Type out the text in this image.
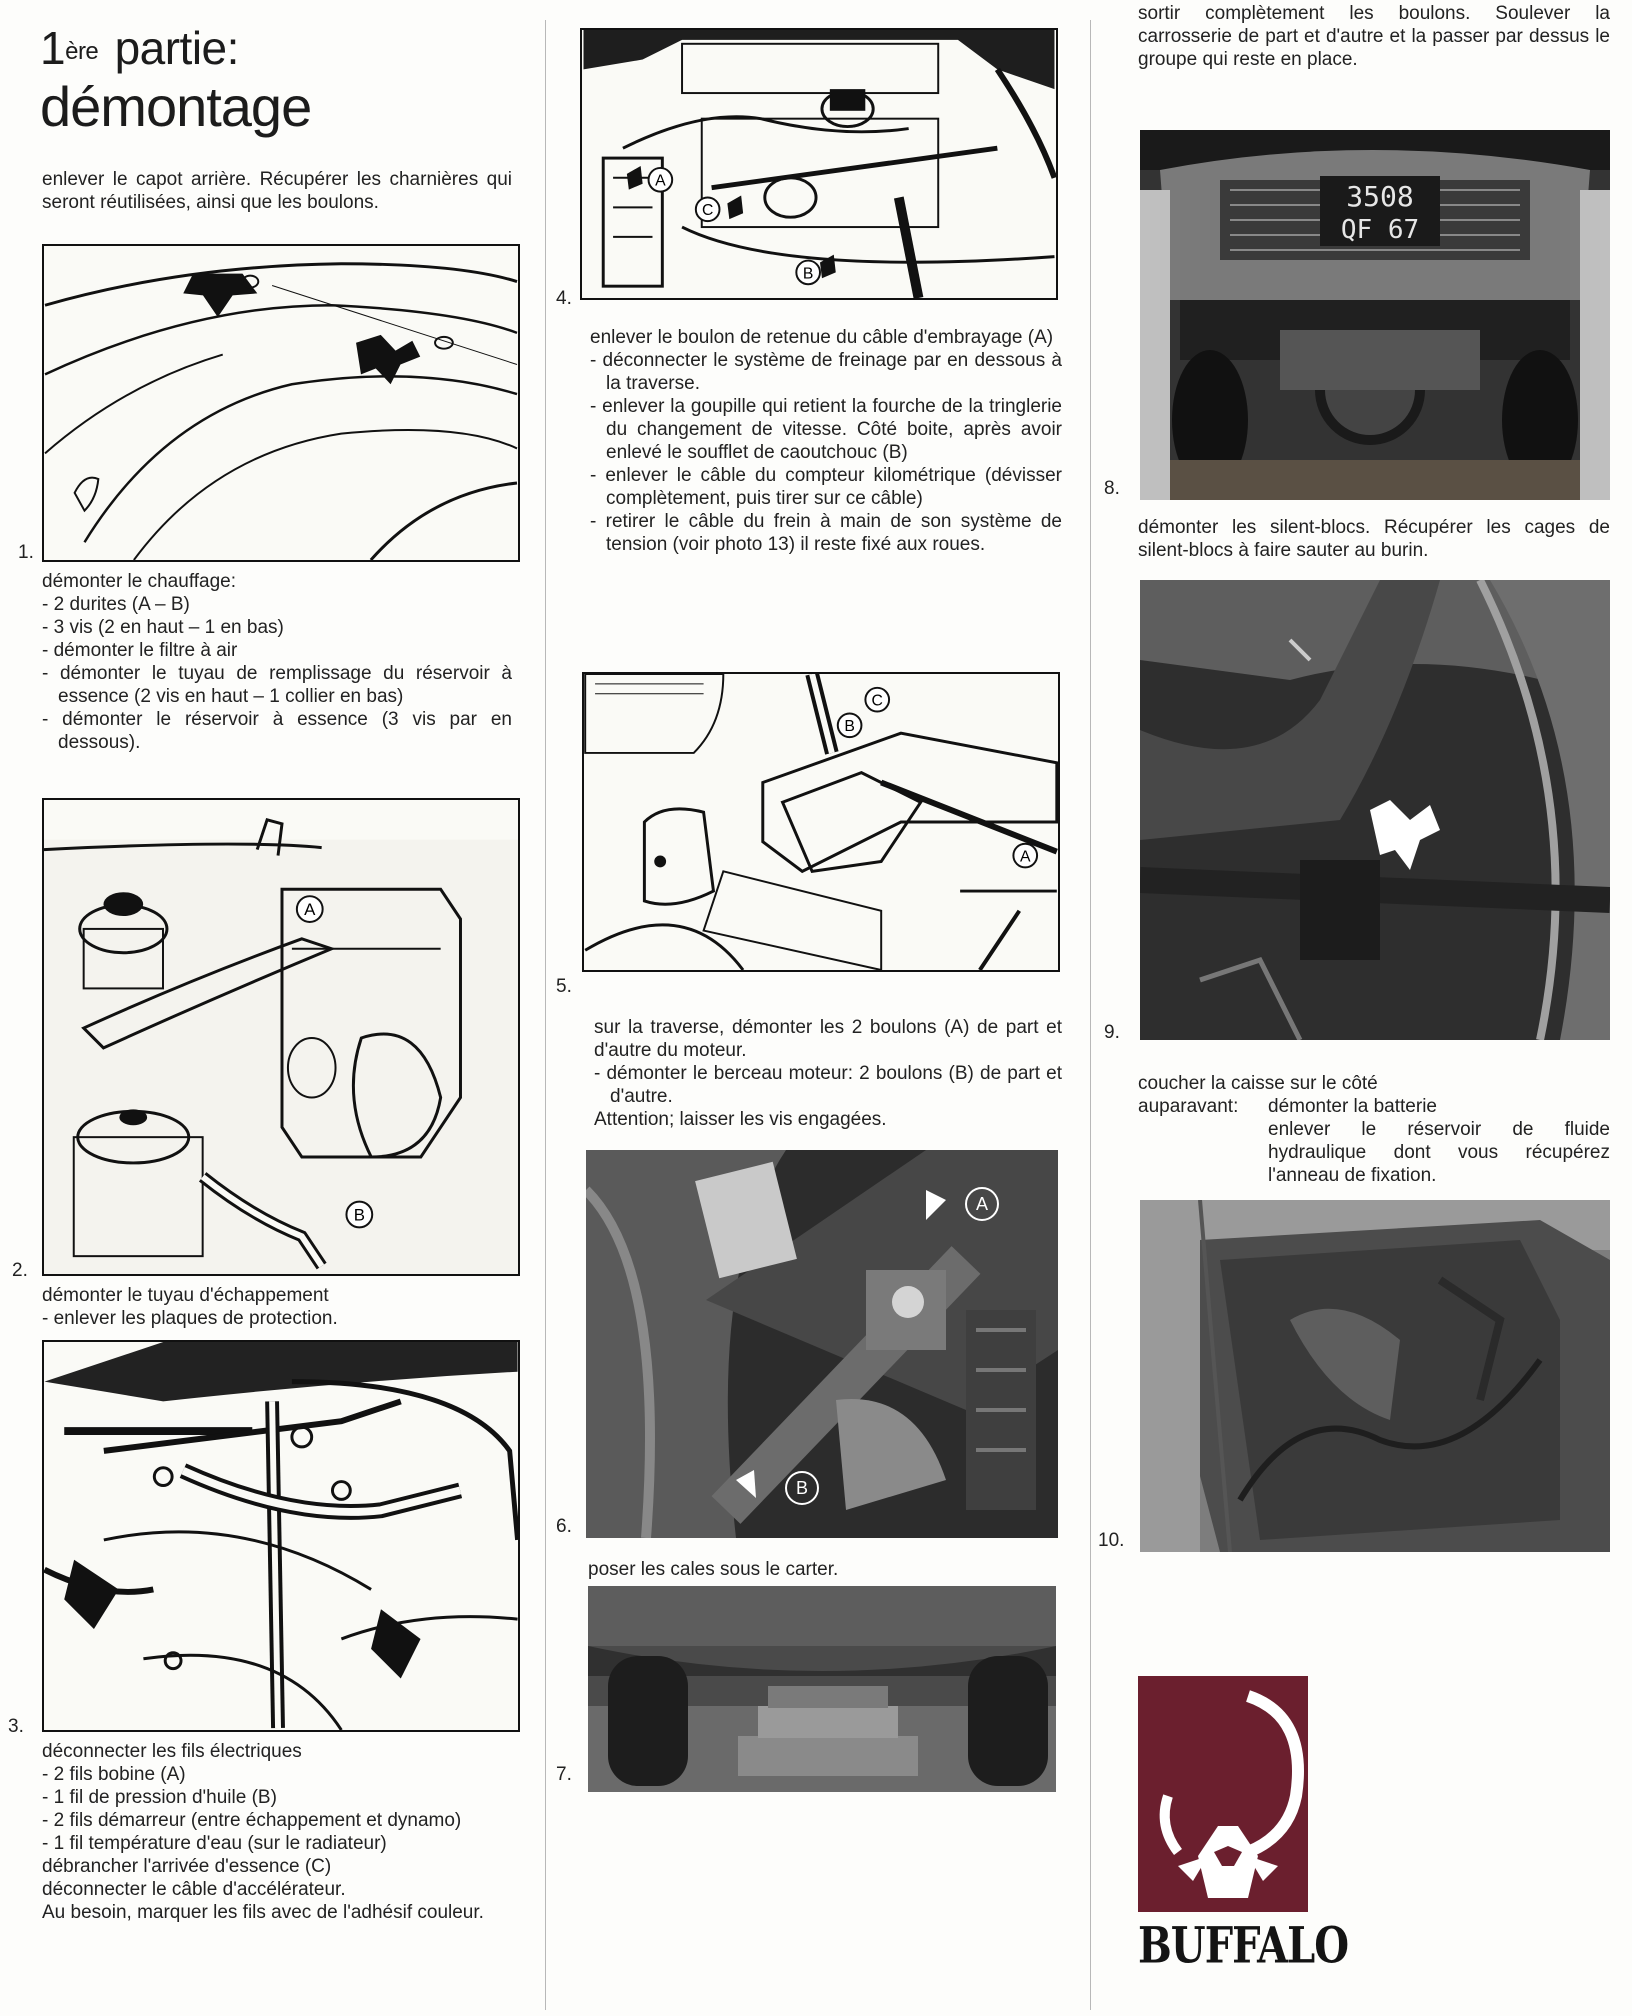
1ère partie:
démontage

enlever le capot arrière. Récupérer les charnières qui seront réutilisées, ainsi que les boulons.

1.

démonter le chauffage:

- 2 durites (A – B)

- 3 vis (2 en haut – 1 en bas)

- démonter le filtre à air

- démonter le tuyau de remplissage du réservoir à essence (2 vis en haut – 1 collier en bas)

- démonter le réservoir à essence (3 vis par en dessous).

A
B
2.

démonter le tuyau d'échappement

- enlever les plaques de protection.

3.

déconnecter les fils électriques

- 2 fils bobine (A)

- 1 fil de pression d'huile (B)

- 2 fils démarreur (entre échappement et dynamo)

- 1 fil température d'eau (sur le radiateur)

débrancher l'arrivée d'essence (C)

déconnecter le câble d'accélérateur.

Au besoin, marquer les fils avec de l'adhésif couleur.

A
C
B
4.

enlever le boulon de retenue du câble d'embrayage (A)

- déconnecter le système de freinage par en dessous à la traverse.

- enlever la goupille qui retient la fourche de la tringlerie du changement de vitesse. Côté boite, après avoir enlevé le soufflet de caoutchouc (B)

- enlever le câble du compteur kilométrique (dévisser complètement, puis tirer sur ce câble)

- retirer le câble du frein à main de son système de tension (voir photo 13) il reste fixé aux roues.

C
B
A
5.

sur la traverse, démonter les 2 boulons (A) de part et d'autre du moteur.

- démonter le berceau moteur: 2 boulons (B) de part et d'autre.

Attention; laisser les vis engagées.

A
B
6.

poser les cales sous le carter.

7.

sortir complètement les boulons. Soulever la carrosserie de part et d'autre et la passer par dessus le groupe qui reste en place.

3508
QF 67
8.

démonter les silent-blocs. Récupérer les cages de silent-blocs à faire sauter au burin.

9.

coucher la caisse sur le côté

auparavant:	démonter la batterie

enlever le réservoir de fluide hydraulique dont vous récupérez l'anneau de fixation.

10.
BUFFALO
